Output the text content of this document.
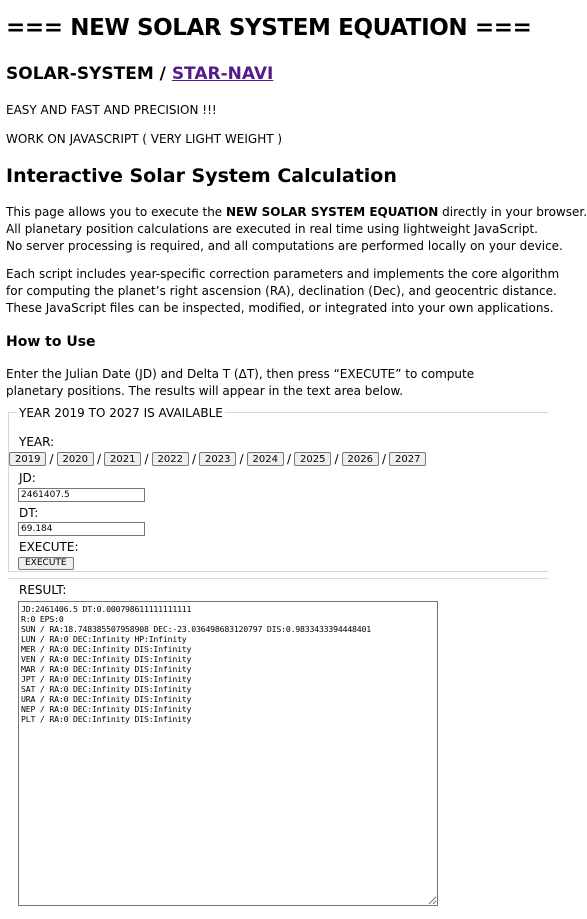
=== NEW SOLAR SYSTEM EQUATION ===
SOLAR-SYSTEM / STAR-NAVI
EASY AND FAST AND PRECISION !!!
WORK ON JAVASCRIPT ( VERY LIGHT WEIGHT )
Interactive Solar System Calculation
This page allows you to execute the NEW SOLAR SYSTEM EQUATION directly in your browser.
All planetary position calculations are executed in real time using lightweight JavaScript.
No server processing is required, and all computations are performed locally on your device.
Each script includes year-specific correction parameters and implements the core algorithm
for computing the planet’s right ascension (RA), declination (Dec), and geocentric distance.
These JavaScript files can be inspected, modified, or integrated into your own applications.
How to Use
Enter the Julian Date (JD) and Delta T (ΔT), then press “EXECUTE” to compute
planetary positions. The results will appear in the text area below.
YEAR 2019 TO 2027 IS AVAILABLE
YEAR:
2019 / 2020 / 2021 / 2022 / 2023 / 2024 / 2025 / 2026 / 2027
JD:
2461407.5
DT:
69.184
EXECUTE:
EXECUTE
RESULT:
JD:2461406.5 DT:0.000798611111111111 R:0 EPS:0 SUN / RA:18.748385507958908 DEC:-23.036498683120797 DIS:0.9833433394448401 LUN / RA:0 DEC:Infinity HP:Infinity MER / RA:0 DEC:Infinity DIS:Infinity VEN / RA:0 DEC:Infinity DIS:Infinity MAR / RA:0 DEC:Infinity DIS:Infinity JPT / RA:0 DEC:Infinity DIS:Infinity SAT / RA:0 DEC:Infinity DIS:Infinity URA / RA:0 DEC:Infinity DIS:Infinity NEP / RA:0 DEC:Infinity DIS:Infinity PLT / RA:0 DEC:Infinity DIS:Infinity
